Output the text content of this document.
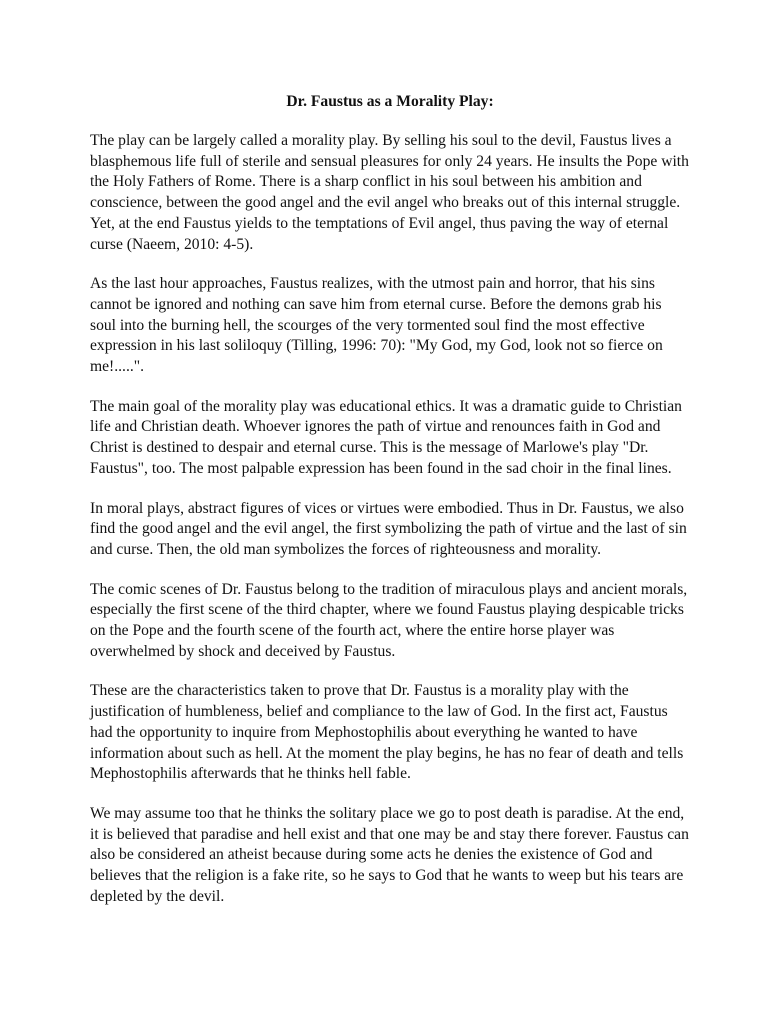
Dr. Faustus as a Morality Play:

The play can be largely called a morality play. By selling his soul to the devil, Faustus lives a blasphemous life full of sterile and sensual pleasures for only 24 years. He insults the Pope with the Holy Fathers of Rome. There is a sharp conflict in his soul between his ambition and conscience, between the good angel and the evil angel who breaks out of this internal struggle. Yet, at the end Faustus yields to the temptations of Evil angel, thus paving the way of eternal curse (Naeem, 2010: 4-5).

As the last hour approaches, Faustus realizes, with the utmost pain and horror, that his sins cannot be ignored and nothing can save him from eternal curse. Before the demons grab his soul into the burning hell, the scourges of the very tormented soul find the most effective expression in his last soliloquy (Tilling, 1996: 70): "My God, my God, look not so fierce on me!.....".

The main goal of the morality play was educational ethics. It was a dramatic guide to Christian life and Christian death. Whoever ignores the path of virtue and renounces faith in God and Christ is destined to despair and eternal curse. This is the message of Marlowe's play "Dr. Faustus", too. The most palpable expression has been found in the sad choir in the final lines.

In moral plays, abstract figures of vices or virtues were embodied. Thus in Dr. Faustus, we also find the good angel and the evil angel, the first symbolizing the path of virtue and the last of sin and curse. Then, the old man symbolizes the forces of righteousness and morality.

The comic scenes of Dr. Faustus belong to the tradition of miraculous plays and ancient morals, especially the first scene of the third chapter, where we found Faustus playing despicable tricks on the Pope and the fourth scene of the fourth act, where the entire horse player was overwhelmed by shock and deceived by Faustus.

These are the characteristics taken to prove that Dr. Faustus is a morality play with the justification of humbleness, belief and compliance to the law of God. In the first act, Faustus had the opportunity to inquire from Mephostophilis about everything he wanted to have information about such as hell. At the moment the play begins, he has no fear of death and tells Mephostophilis afterwards that he thinks hell fable.

We may assume too that he thinks the solitary place we go to post death is paradise. At the end, it is believed that paradise and hell exist and that one may be and stay there forever. Faustus can also be considered an atheist because during some acts he denies the existence of God and believes that the religion is a fake rite, so he says to God that he wants to weep but his tears are depleted by the devil.
